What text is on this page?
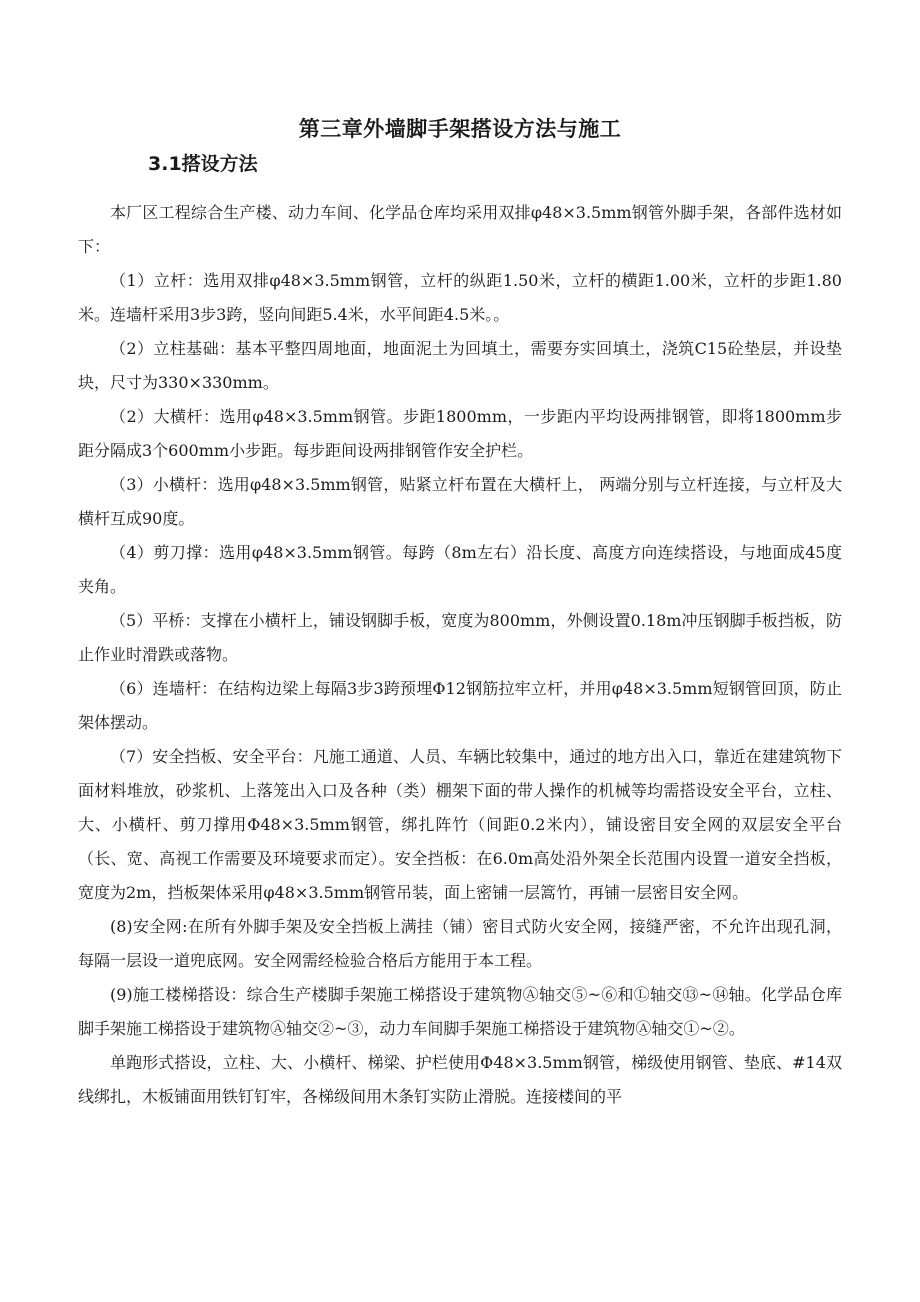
第三章外墙脚手架搭设方法与施工
3.1搭设方法

本厂区工程综合生产楼、动力车间、化学品仓库均采用双排φ48×3.5mm钢管外脚手架，各部件选材如下：

（1）立杆：选用双排φ48×3.5mm钢管，立杆的纵距1.50米，立杆的横距1.00米，立杆的步距1.80米。连墙杆采用3步3跨，竖向间距5.4米，水平间距4.5米。。

（2）立柱基础：基本平整四周地面，地面泥土为回填土，需要夯实回填土，浇筑C15砼垫层，并设垫块，尺寸为330×330mm。

（2）大横杆：选用φ48×3.5mm钢管。步距1800mm，一步距内平均设两排钢管，即将1800mm步距分隔成3个600mm小步距。每步距间设两排钢管作安全护栏。

（3）小横杆：选用φ48×3.5mm钢管，贴紧立杆布置在大横杆上， 两端分别与立杆连接，与立杆及大横杆互成90度。

（4）剪刀撑：选用φ48×3.5mm钢管。每跨（8m左右）沿长度、高度方向连续搭设，与地面成45度夹角。

（5）平桥：支撑在小横杆上，铺设钢脚手板，宽度为800mm，外侧设置0.18m冲压钢脚手板挡板，防止作业时滑跌或落物。

（6）连墙杆：在结构边梁上每隔3步3跨预埋Φ12钢筋拉牢立杆，并用φ48×3.5mm短钢管回顶，防止架体摆动。

（7）安全挡板、安全平台：凡施工通道、人员、车辆比较集中，通过的地方出入口，靠近在建建筑物下面材料堆放，砂浆机、上落笼出入口及各种（类）棚架下面的带人操作的机械等均需搭设安全平台，立柱、大、小横杆、剪刀撑用Φ48×3.5mm钢管，绑扎阵竹（间距0.2米内），铺设密目安全网的双层安全平台（长、宽、高视工作需要及环境要求而定）。安全挡板：在6.0m高处沿外架全长范围内设置一道安全挡板，宽度为2m，挡板架体采用φ48×3.5mm钢管吊装，面上密铺一层篙竹，再铺一层密目安全网。

(8)安全网:在所有外脚手架及安全挡板上满挂（铺）密目式防火安全网，接缝严密，不允许出现孔洞，每隔一层设一道兜底网。安全网需经检验合格后方能用于本工程。

(9)施工楼梯搭设：综合生产楼脚手架施工梯搭设于建筑物Ⓐ轴交⑤~⑥和Ⓛ轴交⑬~⑭轴。化学品仓库脚手架施工梯搭设于建筑物Ⓐ轴交②~③，动力车间脚手架施工梯搭设于建筑物Ⓐ轴交①~②。

单跑形式搭设，立柱、大、小横杆、梯梁、护栏使用Φ48×3.5mm钢管，梯级使用钢管、垫底、#14双线绑扎，木板铺面用铁钉钉牢，各梯级间用木条钉实防止滑脱。连接楼间的平
